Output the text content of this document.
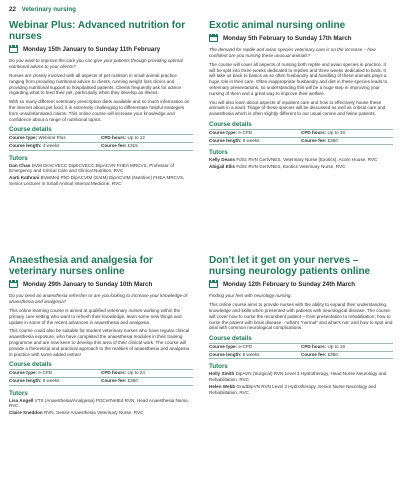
22 Veterinary nursing
Webinar Plus: Advanced nutrition for nurses
Monday 15th January to Sunday 11th February
Do you want to improve the care you can give your patients through providing optimal nutritional advice to your clients?
Nurses are closely involved with all aspects of pet nutrition in small animal practice ranging from providing nutritional advice to clients, running weight loss clinics and providing nutritional support to hospitalised patients. Clients frequently ask for advice regarding what to feed their pet, particularly when they develop an illness.
With so many different veterinary prescription diets available and so much information on the internet about pet food, it is extremely challenging to differentiate helpful strategies from unsubstantiated claims. This online course will increase your knowledge and confidence about a range of nutritional topics.
Course details
Course type: Webinar Plus	CPD hours: Up to 12
Course length: 4 weeks	Course fee: £315
Tutors
Dan Chan DVM DrACVECC DipECVECC DipACVN FHEA MRCVS, Professor of Emergency and Critical Care and Clinical Nutrition, RVC
Aarti Kathrani BVetMed PhD DipACVIM (SAIM) DipACVIM (Nutrition) FHEA MRCVS, Senior Lecturer in Small Animal Internal Medicine, RVC
Exotic animal nursing online
Monday 5th February to Sunday 17th March
The demand for reptile and avian species veterinary care is on the increase – how confident are you nursing these unusual animals?
The course will cover all aspects of nursing both reptile and avian species in practice. It will be split into three weeks dedicated to reptiles and three weeks dedicated to birds. It will take us back to basics as so often husbandry and handling of these animals plays a huge role in their care. Often inappropriate husbandry and diet in these species leads to veterinary presentations, so understanding this will be a huge step in improving your nursing of them and a great way to improve their welfare.
You will also learn about aspects of inpatient care and how to effectively house these animals in a ward. Triage of these species will be discussed as well as critical care and anaesthesia which is often slightly different to our usual canine and feline patients.
Course details
Course type: e-CPD	CPD hours: Up to 18
Course length: 6 weeks	Course fee: £350
Tutors
Kelly Deans FdSc RVN CertVNES, Veterinary Nurse (Exotics), Acorn House, RVC
Abigail Ellis FdSc RVN CertVNES, Exotics Veterinary Nurse, RVC
Anaesthesia and analgesia for veterinary nurses online
Monday 29th January to Sunday 10th March
Do you need an anaesthesia refresher or are you looking to increase your knowledge of anaesthesia and analgesia?
This online learning course is aimed at qualified veterinary nurses working within the primary care setting who want to refresh their knowledge, learn some new things and update in some of the recent advances in anaesthesia and analgesia.
This course could also be suitable for student veterinary nurses who have regular clinical anaesthesia exposure, who have completed the anaesthesia modules in their training programme and are now keen to develop this area of their clinical work. The course will provide a theoretical and practical approach to the realities of anaesthesia and analgesia in practice with some added extras!
Course details
Course type: e-CPD	CPD hours: Up to 24
Course length: 6 weeks	Course fee: £350
Tutors
Lisa Angell VTS (Anaesthesia/Analgesia) PGCertVetEd RVN, Head Anaesthesia Nurse, RVC
Claire Sneddon RVN, Senior Anaesthesia Veterinary Nurse, RVC
Don’t let it get on your nerves – nursing neurology patients online
Monday 12th February to Sunday 24th March
Finding your feet with neurology nursing.
This online course aims to provide nurses with the ability to expand their understanding, knowledge and skills when presented with patients with neurological disease. The course will cover how to nurse the recumbent patient – from presentation to rehabilitation; how to nurse the patient with brain disease – what’s “normal” and what’s not; and how to spot and deal with common neurological complications.
Course details
Course type: e-CPD	CPD hours: Up to 18
Course length: 6 weeks	Course fee: £350
Tutors
Holly Smith DipAVN (Surgical) RVN Level 3 Hydrotherapy, Head Nurse Neurology and Rehabilitation, RVC
Helen Webb GradDipVN RVN Level 3 Hydrotherapy, Senior Nurse Neurology and Rehabilitation, RVC
